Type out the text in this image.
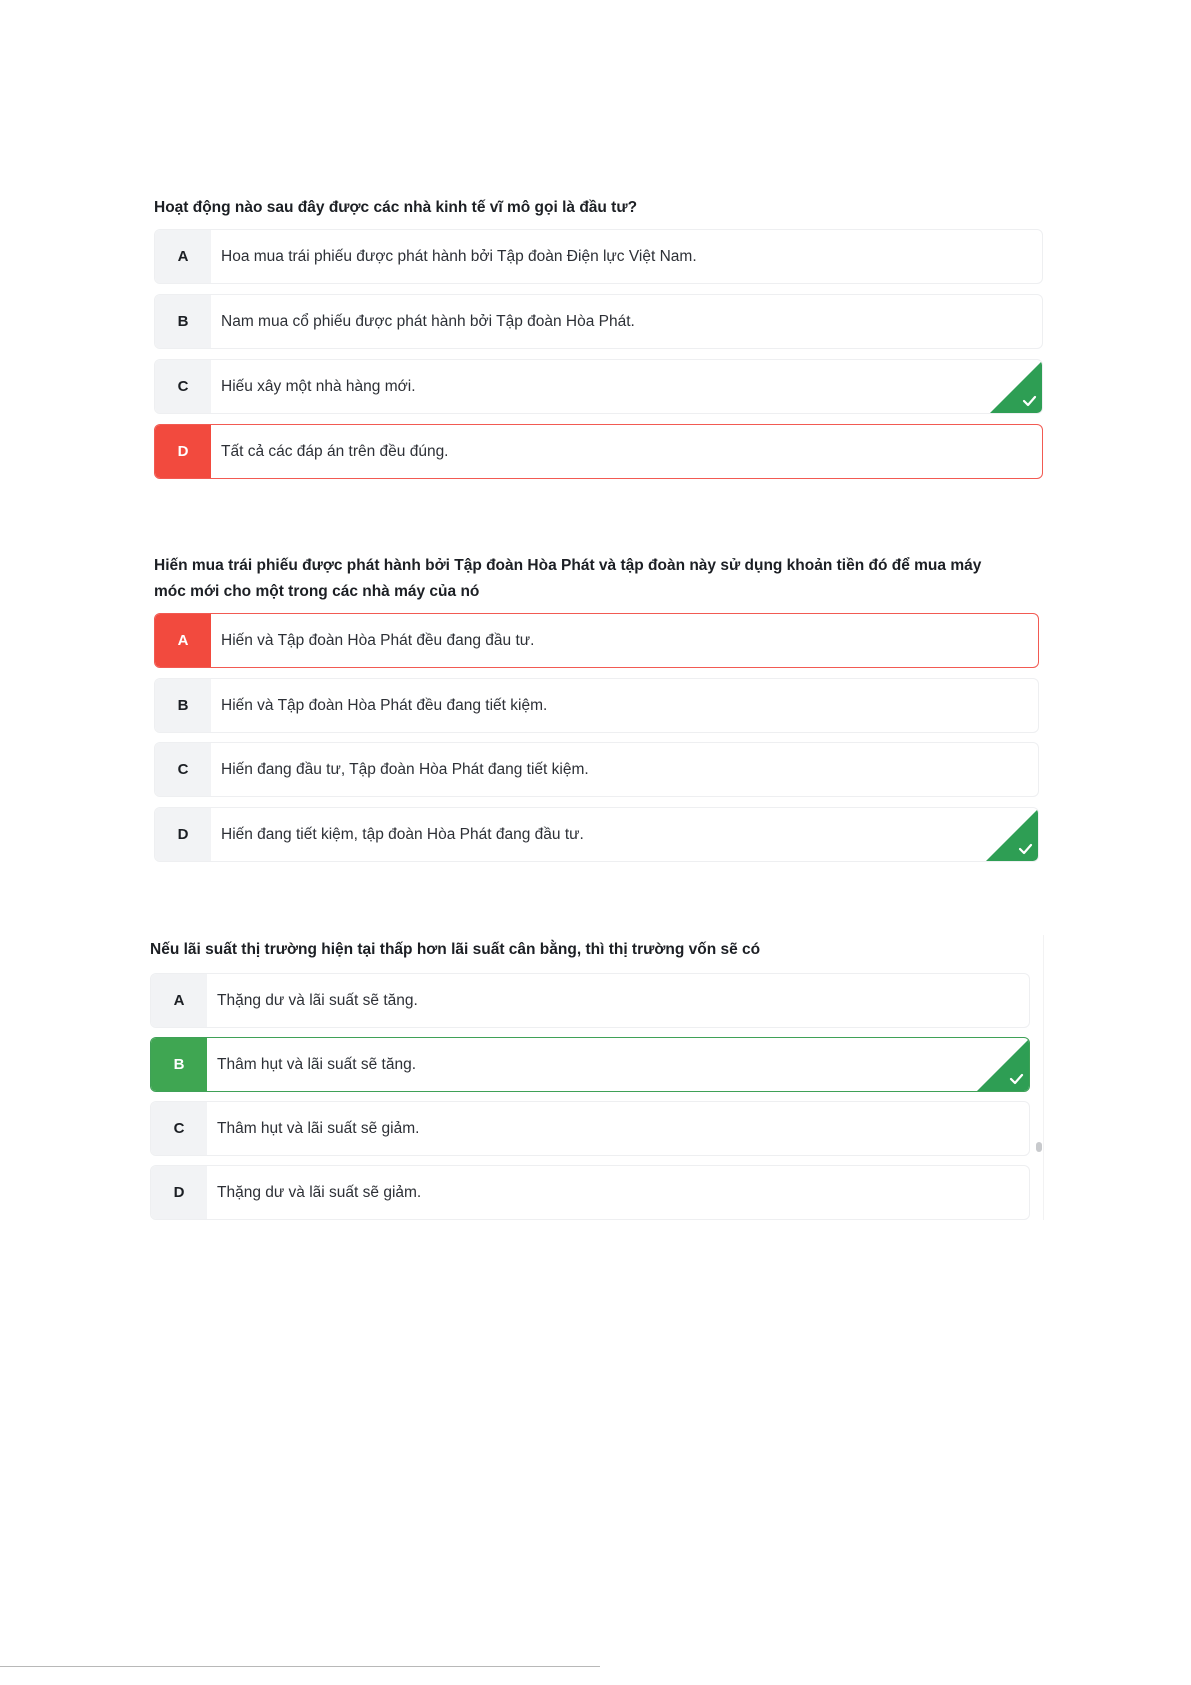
Hoạt động nào sau đây được các nhà kinh tế vĩ mô gọi là đầu tư?

A	Hoa mua trái phiếu được phát hành bởi Tập đoàn Điện lực Việt Nam.
B	Nam mua cổ phiếu được phát hành bởi Tập đoàn Hòa Phát.
C	Hiếu xây một nhà hàng mới.
D	Tất cả các đáp án trên đều đúng.

Hiến mua trái phiếu được phát hành bởi Tập đoàn Hòa Phát và tập đoàn này sử dụng khoản tiền đó để mua máy
móc mới cho một trong các nhà máy của nó

A	Hiến và Tập đoàn Hòa Phát đều đang đầu tư.
B	Hiến và Tập đoàn Hòa Phát đều đang tiết kiệm.
C	Hiến đang đầu tư, Tập đoàn Hòa Phát đang tiết kiệm.
D	Hiến đang tiết kiệm, tập đoàn Hòa Phát đang đầu tư.

Nếu lãi suất thị trường hiện tại thấp hơn lãi suất cân bằng, thì thị trường vốn sẽ có

A	Thặng dư và lãi suất sẽ tăng.
B	Thâm hụt và lãi suất sẽ tăng.
C	Thâm hụt và lãi suất sẽ giảm.
D	Thặng dư và lãi suất sẽ giảm.
